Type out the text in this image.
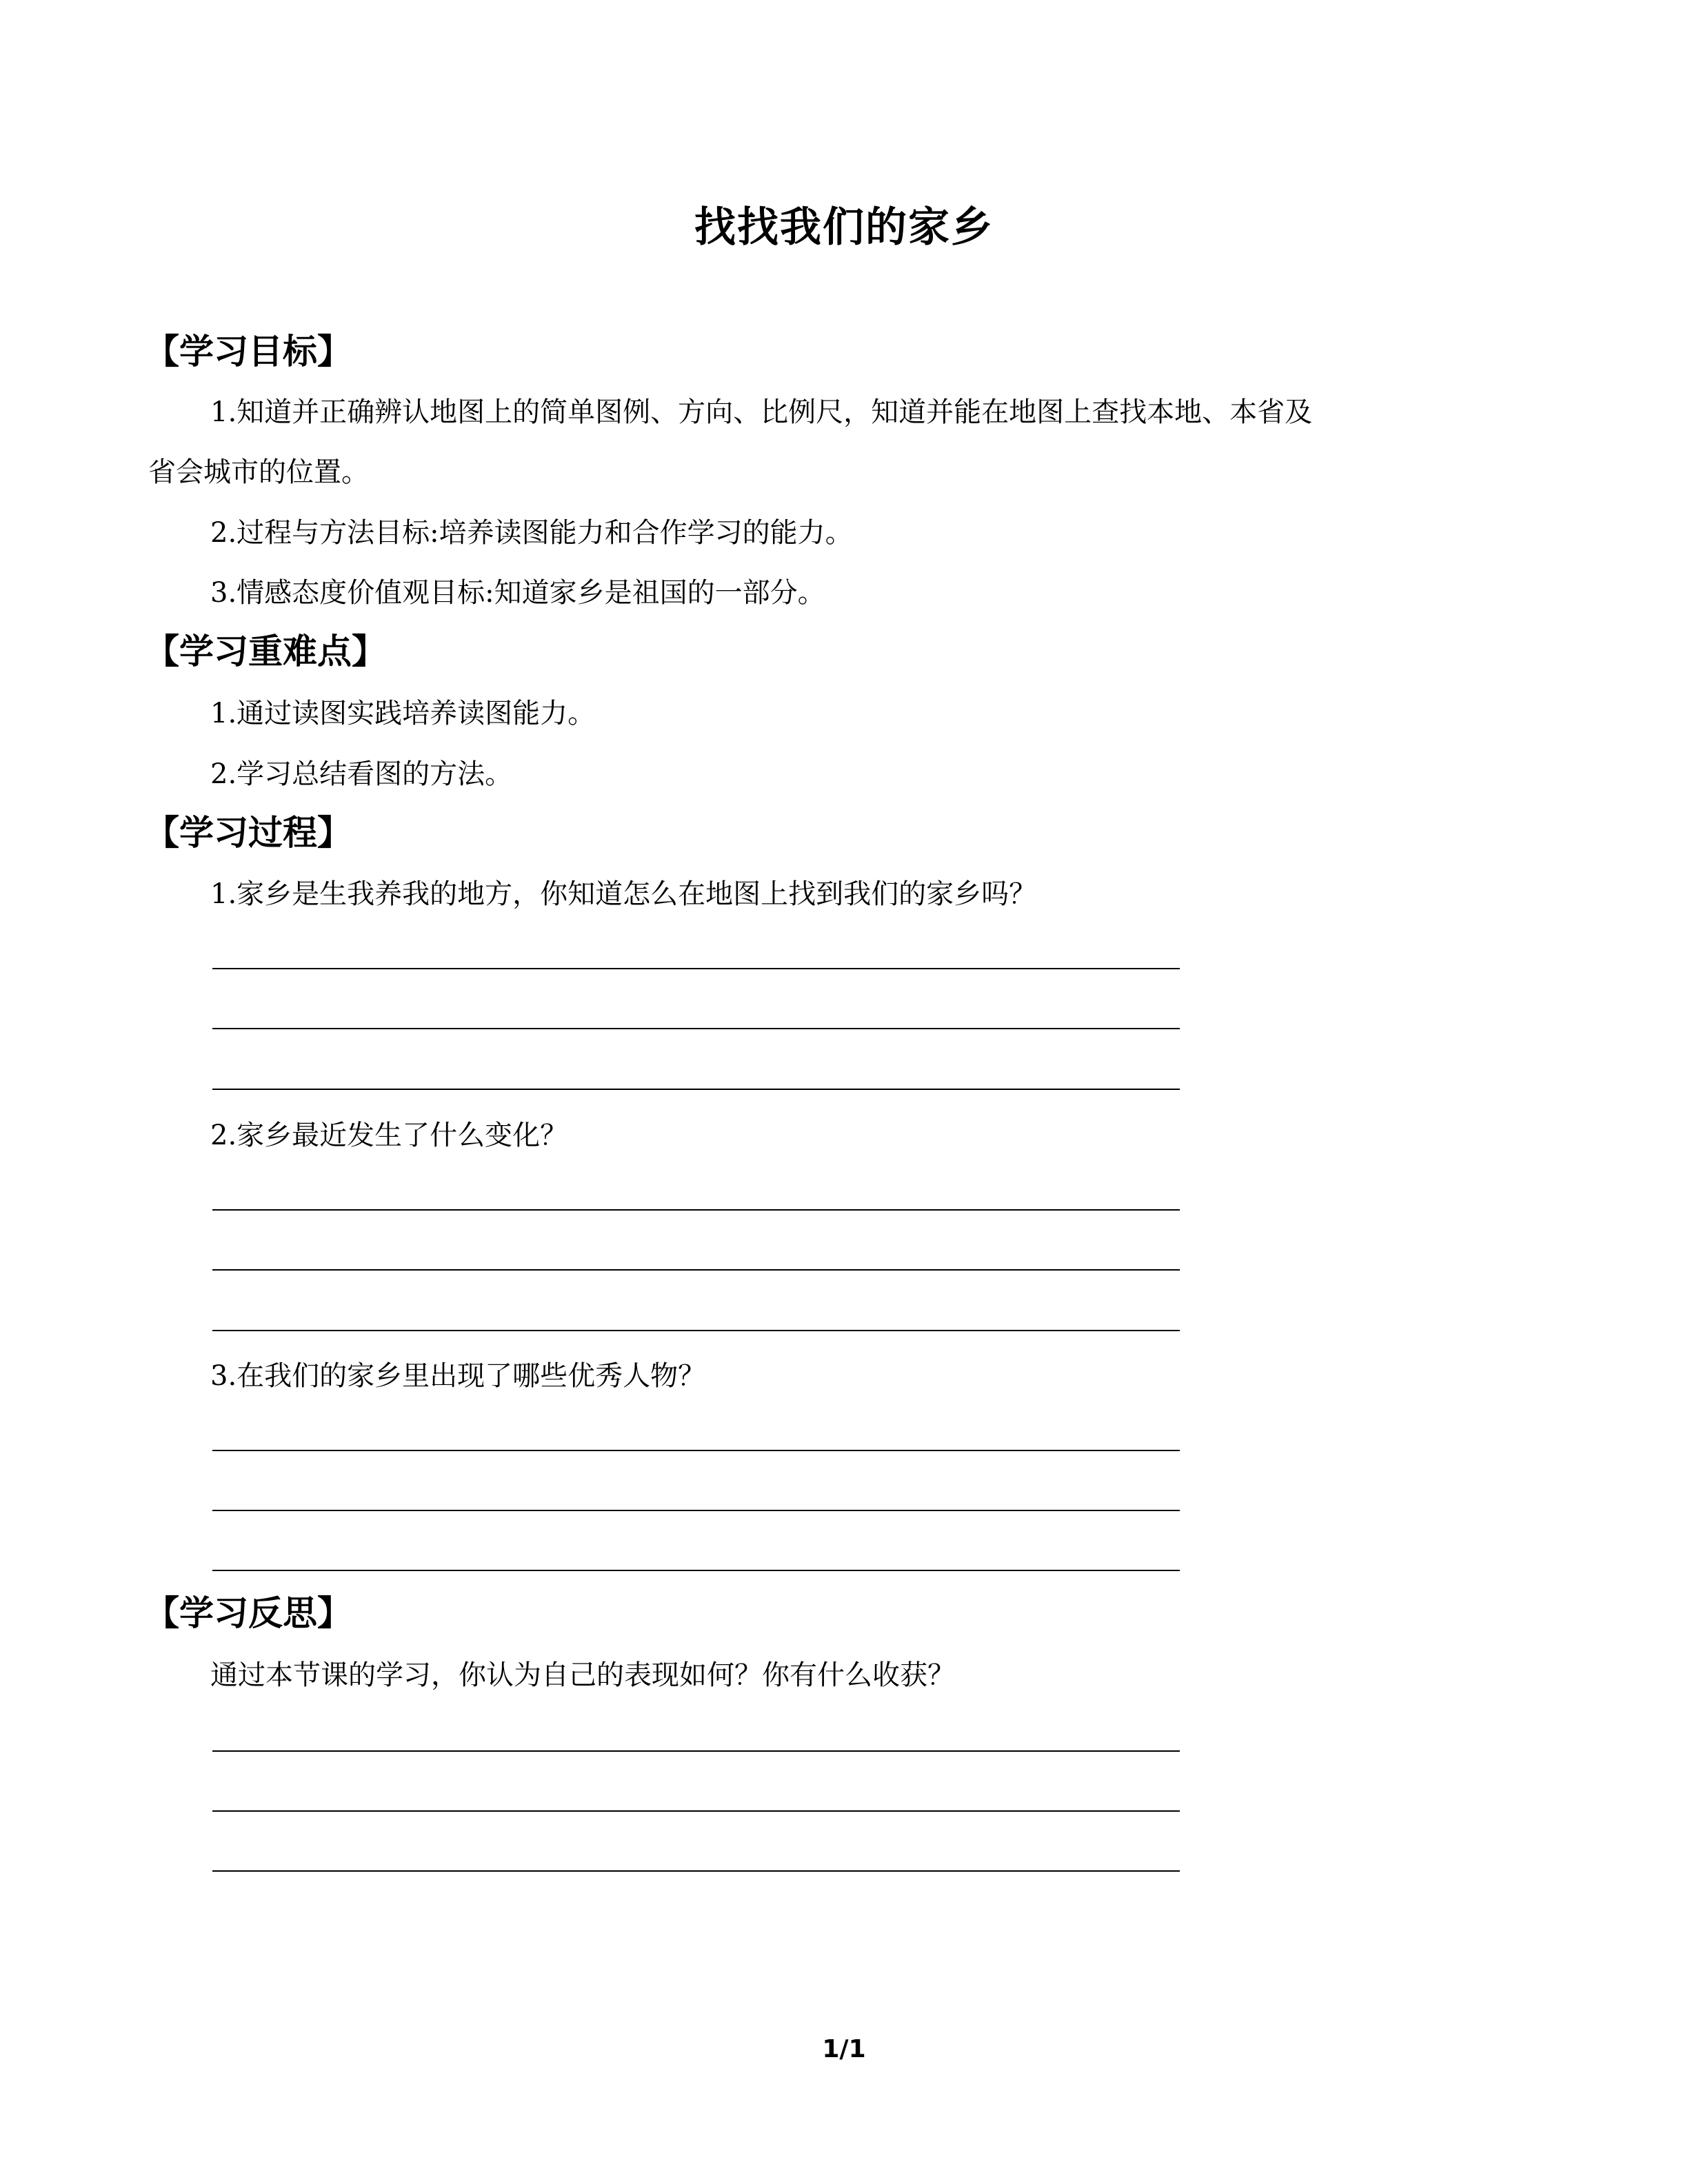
找找我们的家乡
【学习目标】
1.知道并正确辨认地图上的简单图例、方向、比例尺，知道并能在地图上查找本地、本省及
省会城市的位置。
2.过程与方法目标:培养读图能力和合作学习的能力。
3.情感态度价值观目标:知道家乡是祖国的一部分。
【学习重难点】
1.通过读图实践培养读图能力。
2.学习总结看图的方法。
【学习过程】
1.家乡是生我养我的地方，你知道怎么在地图上找到我们的家乡吗？
2.家乡最近发生了什么变化？
3.在我们的家乡里出现了哪些优秀人物？
【学习反思】
通过本节课的学习，你认为自己的表现如何？你有什么收获？
1/1
